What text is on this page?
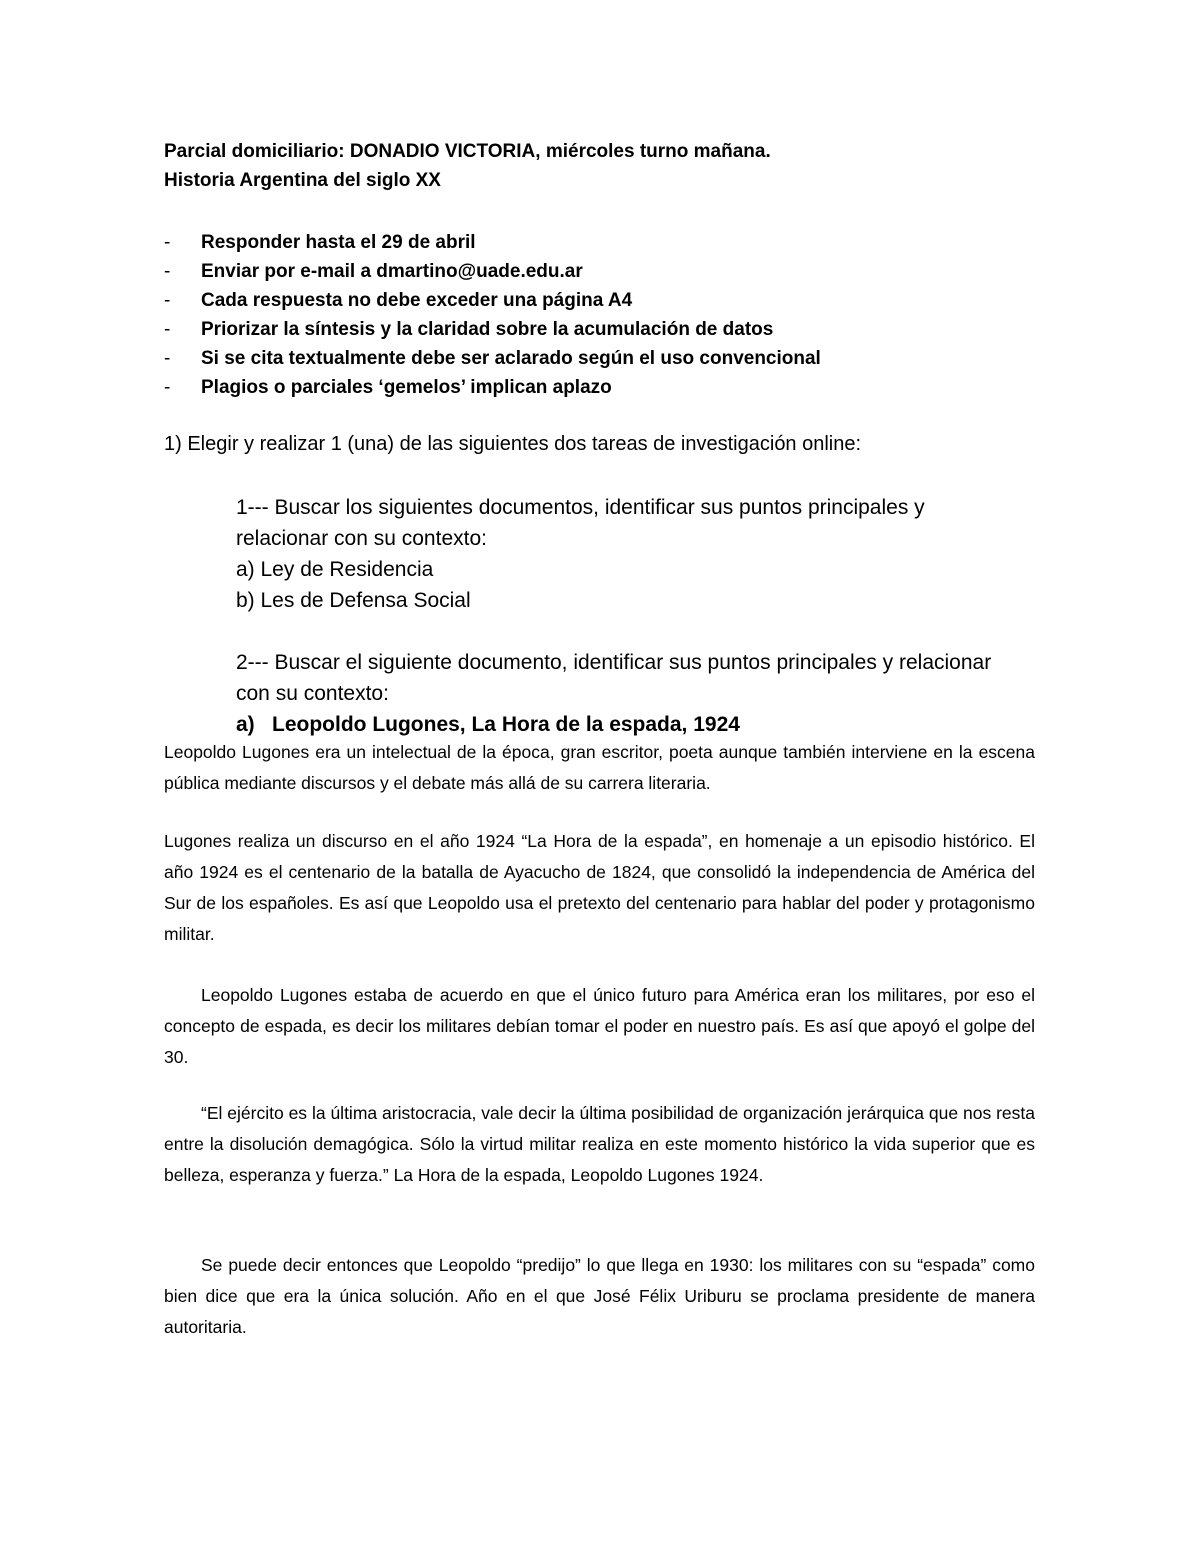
Parcial domiciliario: DONADIO VICTORIA, miércoles turno mañana.
Historia Argentina del siglo XX
- Responder hasta el 29 de abril
- Enviar por e-mail a dmartino@uade.edu.ar
- Cada respuesta no debe exceder una página A4
- Priorizar la síntesis y la claridad sobre la acumulación de datos
- Si se cita textualmente debe ser aclarado según el uso convencional
- Plagios o parciales ‘gemelos’ implican aplazo
1) Elegir y realizar 1 (una) de las siguientes dos tareas de investigación online:
1--- Buscar los siguientes documentos, identificar sus puntos principales y
relacionar con su contexto:
a) Ley de Residencia
b) Les de Defensa Social
2--- Buscar el siguiente documento, identificar sus puntos principales y relacionar
con su contexto:
a) Leopoldo Lugones, La Hora de la espada, 1924

Leopoldo Lugones era un intelectual de la época, gran escritor, poeta aunque también interviene en la escena pública mediante discursos y el debate más allá de su carrera literaria.

Lugones realiza un discurso en el año 1924 “La Hora de la espada”, en homenaje a un episodio histórico. El año 1924 es el centenario de la batalla de Ayacucho de 1824, que consolidó la independencia de América del Sur de los españoles. Es así que Leopoldo usa el pretexto del centenario para hablar del poder y protagonismo militar.

Leopoldo Lugones estaba de acuerdo en que el único futuro para América eran los militares, por eso el concepto de espada, es decir los militares debían tomar el poder en nuestro país. Es así que apoyó el golpe del 30.

“El ejército es la última aristocracia, vale decir la última posibilidad de organización jerárquica que nos resta entre la disolución demagógica. Sólo la virtud militar realiza en este momento histórico la vida superior que es belleza, esperanza y fuerza.” La Hora de la espada, Leopoldo Lugones 1924.

Se puede decir entonces que Leopoldo “predijo” lo que llega en 1930: los militares con su “espada” como bien dice que era la única solución. Año en el que José Félix Uriburu se proclama presidente de manera autoritaria.
